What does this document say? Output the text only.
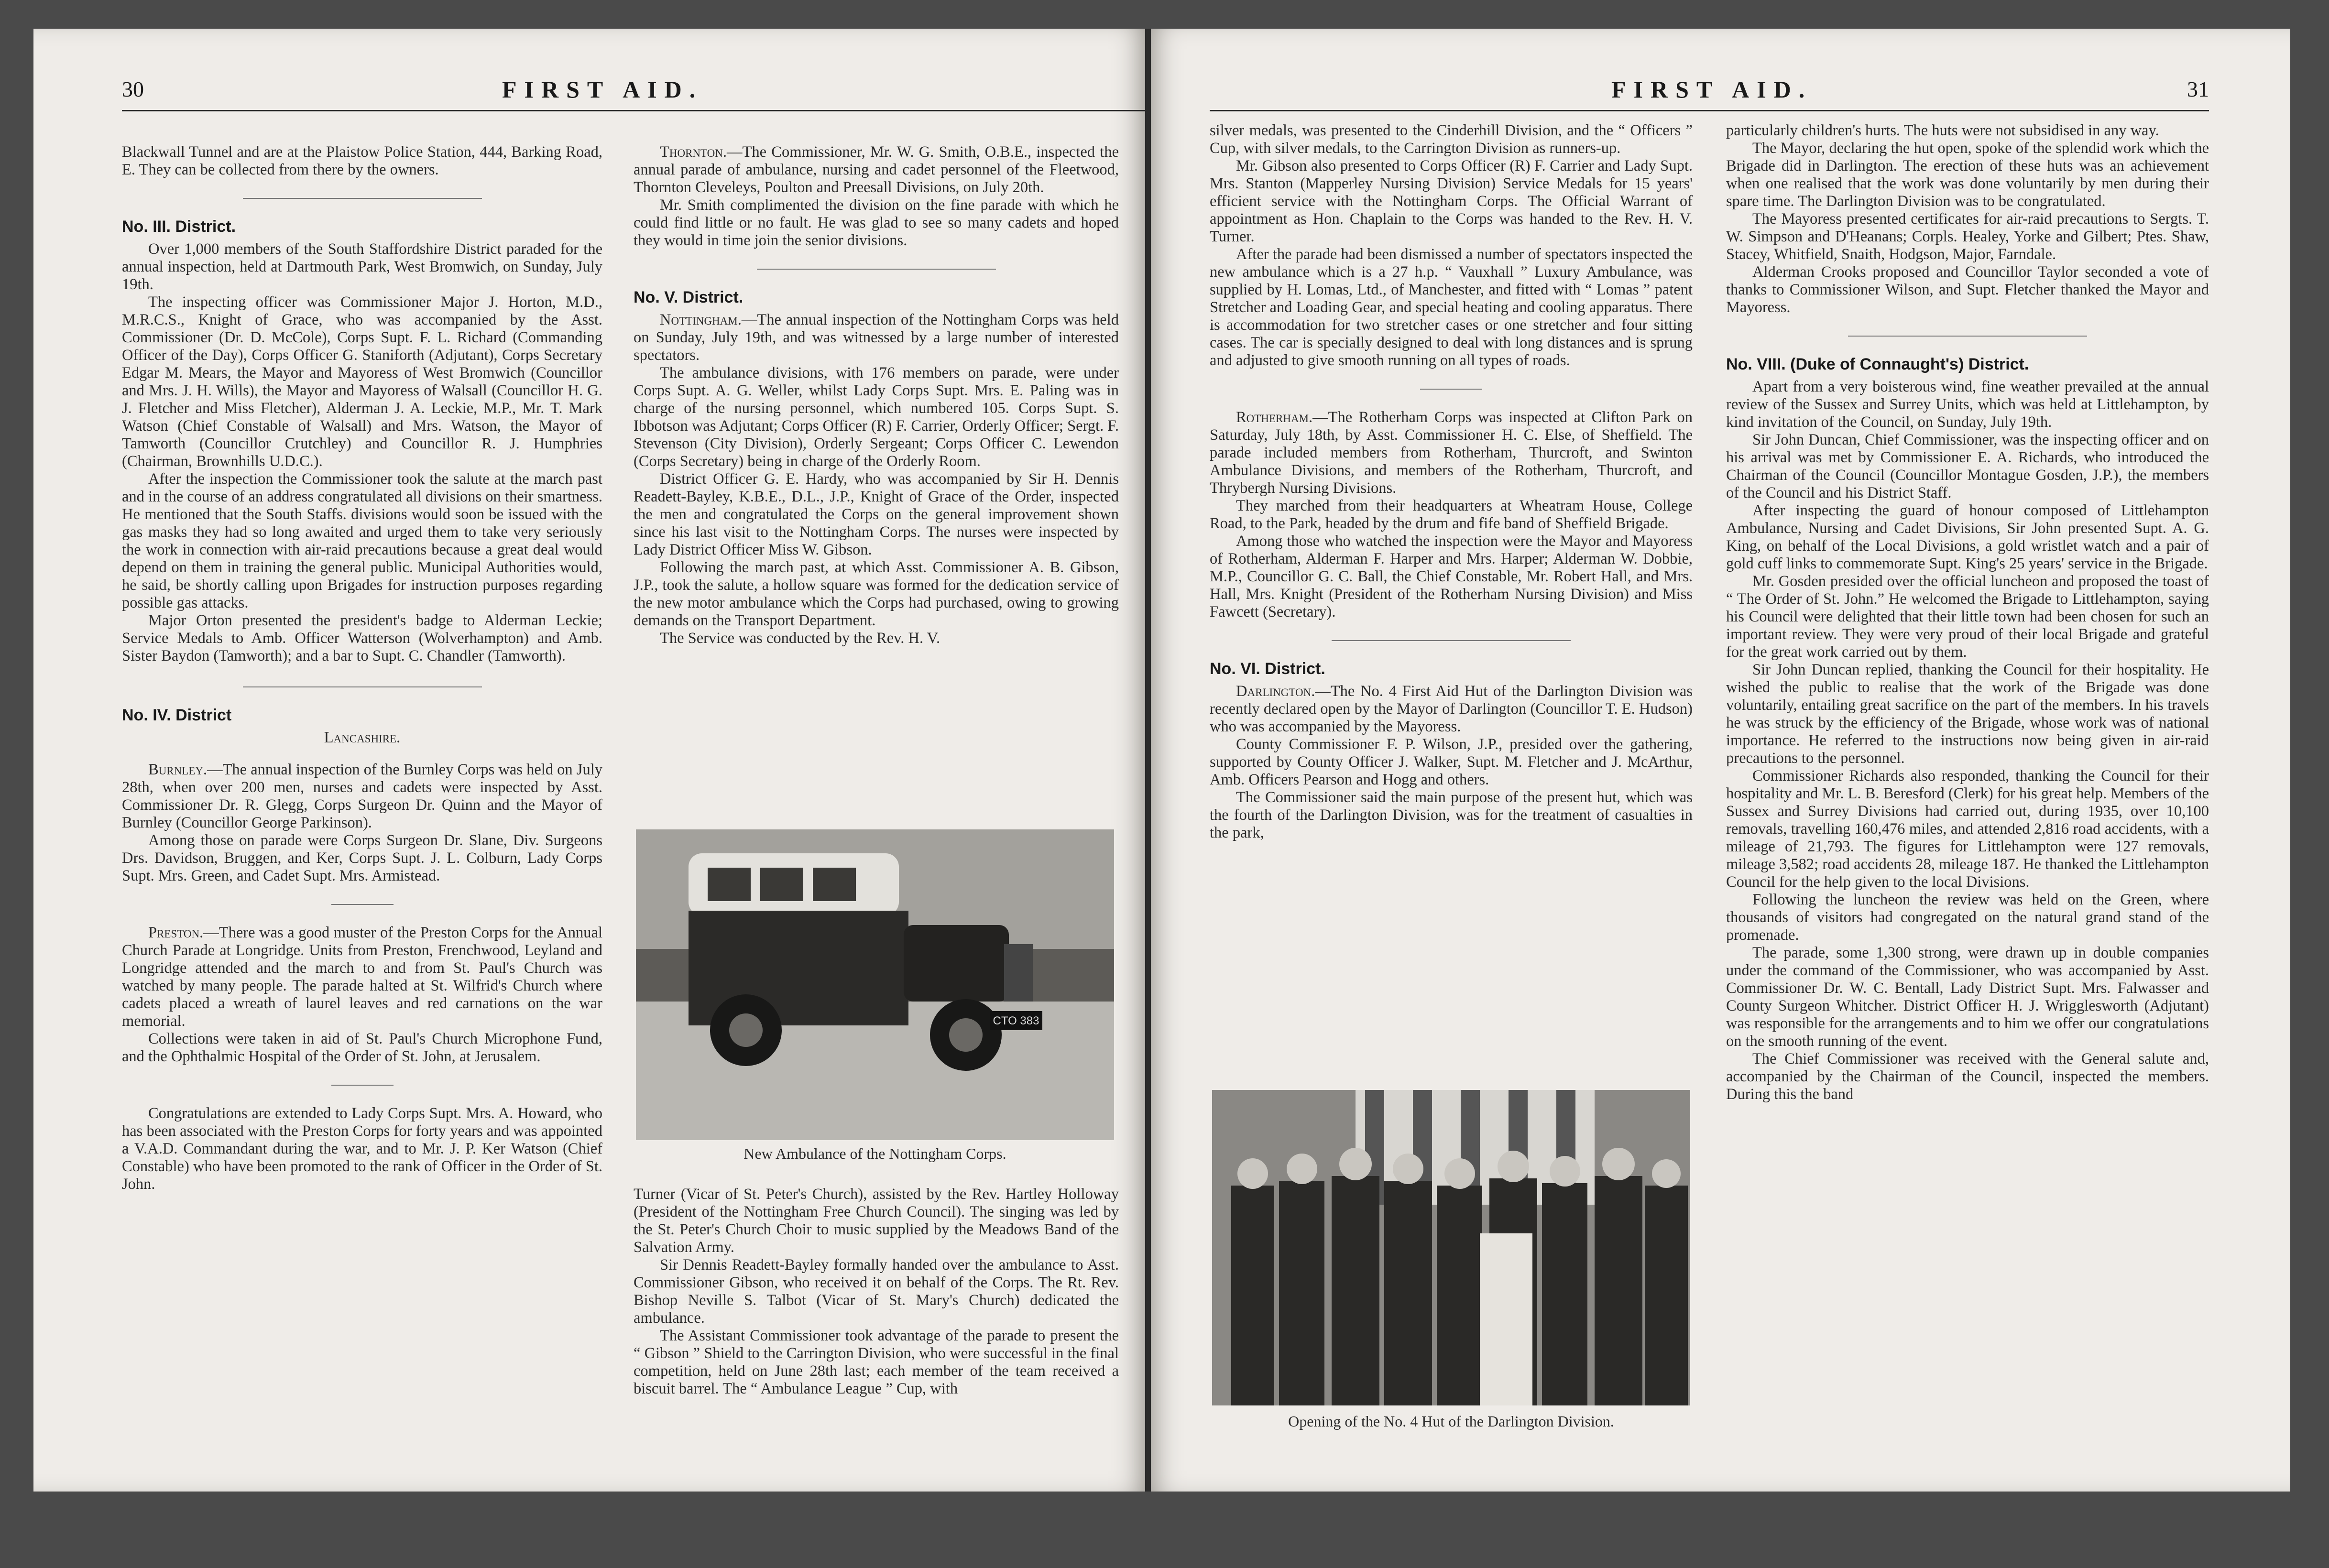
30	FIRST AID.	FIRST AID.	31

Blackwall Tunnel and are at the Plaistow Police Station, 444, Barking Road, E. They can be collected from there by the owners.

No. III. District.

Over 1,000 members of the South Staffordshire District paraded for the annual inspection, held at Dartmouth Park, West Bromwich, on Sunday, July 19th.

The inspecting officer was Commissioner Major J. Horton, M.D., M.R.C.S., Knight of Grace, who was accompanied by the Asst. Commissioner (Dr. D. McCole), Corps Supt. F. L. Richard (Commanding Officer of the Day), Corps Officer G. Staniforth (Adjutant), Corps Secretary Edgar M. Mears, the Mayor and Mayoress of West Bromwich (Councillor and Mrs. J. H. Wills), the Mayor and Mayoress of Walsall (Councillor H. G. J. Fletcher and Miss Fletcher), Alderman J. A. Leckie, M.P., Mr. T. Mark Watson (Chief Constable of Walsall) and Mrs. Watson, the Mayor of Tamworth (Councillor Crutchley) and Councillor R. J. Humphries (Chairman, Brownhills U.D.C.).

After the inspection the Commissioner took the salute at the march past and in the course of an address congratulated all divisions on their smartness. He mentioned that the South Staffs. divisions would soon be issued with the gas masks they had so long awaited and urged them to take very seriously the work in connection with air-raid precautions because a great deal would depend on them in training the general public. Municipal Authorities would, he said, be shortly calling upon Brigades for instruction purposes regarding possible gas attacks.

Major Orton presented the president's badge to Alderman Leckie; Service Medals to Amb. Officer Watterson (Wolverhampton) and Amb. Sister Baydon (Tamworth); and a bar to Supt. C. Chandler (Tamworth).

No. IV. District

Lancashire.

Burnley.—The annual inspection of the Burnley Corps was held on July 28th, when over 200 men, nurses and cadets were inspected by Asst. Commissioner Dr. R. Glegg, Corps Surgeon Dr. Quinn and the Mayor of Burnley (Councillor George Parkinson).

Among those on parade were Corps Surgeon Dr. Slane, Div. Surgeons Drs. Davidson, Bruggen, and Ker, Corps Supt. J. L. Colburn, Lady Corps Supt. Mrs. Green, and Cadet Supt. Mrs. Armistead.

Preston.—There was a good muster of the Preston Corps for the Annual Church Parade at Longridge. Units from Preston, Frenchwood, Leyland and Longridge attended and the march to and from St. Paul's Church was watched by many people. The parade halted at St. Wilfrid's Church where cadets placed a wreath of laurel leaves and red carnations on the war memorial.

Collections were taken in aid of St. Paul's Church Microphone Fund, and the Ophthalmic Hospital of the Order of St. John, at Jerusalem.

Congratulations are extended to Lady Corps Supt. Mrs. A. Howard, who has been associated with the Preston Corps for forty years and was appointed a V.A.D. Commandant during the war, and to Mr. J. P. Ker Watson (Chief Constable) who have been promoted to the rank of Officer in the Order of St. John.

Thornton.—The Commissioner, Mr. W. G. Smith, O.B.E., inspected the annual parade of ambulance, nursing and cadet personnel of the Fleetwood, Thornton Cleveleys, Poulton and Preesall Divisions, on July 20th.

Mr. Smith complimented the division on the fine parade with which he could find little or no fault. He was glad to see so many cadets and hoped they would in time join the senior divisions.

No. V. District.

Nottingham.—The annual inspection of the Nottingham Corps was held on Sunday, July 19th, and was witnessed by a large number of interested spectators.

The ambulance divisions, with 176 members on parade, were under Corps Supt. A. G. Weller, whilst Lady Corps Supt. Mrs. E. Paling was in charge of the nursing personnel, which numbered 105. Corps Supt. S. Ibbotson was Adjutant; Corps Officer (R) F. Carrier, Orderly Officer; Sergt. F. Stevenson (City Division), Orderly Sergeant; Corps Officer C. Lewendon (Corps Secretary) being in charge of the Orderly Room.

District Officer G. E. Hardy, who was accompanied by Sir H. Dennis Readett-Bayley, K.B.E., D.L., J.P., Knight of Grace of the Order, inspected the men and congratulated the Corps on the general improvement shown since his last visit to the Nottingham Corps. The nurses were inspected by Lady District Officer Miss W. Gibson.

Following the march past, at which Asst. Commissioner A. B. Gibson, J.P., took the salute, a hollow square was formed for the dedication service of the new motor ambulance which the Corps had purchased, owing to growing demands on the Transport Department.

The Service was conducted by the Rev. H. V.

CTO 383
New Ambulance of the Nottingham Corps.

Turner (Vicar of St. Peter's Church), assisted by the Rev. Hartley Holloway (President of the Nottingham Free Church Council). The singing was led by the St. Peter's Church Choir to music supplied by the Meadows Band of the Salvation Army.

Sir Dennis Readett-Bayley formally handed over the ambulance to Asst. Commissioner Gibson, who received it on behalf of the Corps. The Rt. Rev. Bishop Neville S. Talbot (Vicar of St. Mary's Church) dedicated the ambulance.

The Assistant Commissioner took advantage of the parade to present the “ Gibson ” Shield to the Carrington Division, who were successful in the final competition, held on June 28th last; each member of the team received a biscuit barrel. The “ Ambulance League ” Cup, with

silver medals, was presented to the Cinderhill Division, and the “ Officers ” Cup, with silver medals, to the Carrington Division as runners-up.

Mr. Gibson also presented to Corps Officer (R) F. Carrier and Lady Supt. Mrs. Stanton (Mapperley Nursing Division) Service Medals for 15 years' efficient service with the Nottingham Corps. The Official Warrant of appointment as Hon. Chaplain to the Corps was handed to the Rev. H. V. Turner.

After the parade had been dismissed a number of spectators inspected the new ambulance which is a 27 h.p. “ Vauxhall ” Luxury Ambulance, was supplied by H. Lomas, Ltd., of Manchester, and fitted with “ Lomas ” patent Stretcher and Loading Gear, and special heating and cooling apparatus. There is accommodation for two stretcher cases or one stretcher and four sitting cases. The car is specially designed to deal with long distances and is sprung and adjusted to give smooth running on all types of roads.

Rotherham.—The Rotherham Corps was inspected at Clifton Park on Saturday, July 18th, by Asst. Commissioner H. C. Else, of Sheffield. The parade included members from Rotherham, Thurcroft, and Swinton Ambulance Divisions, and members of the Rotherham, Thurcroft, and Thrybergh Nursing Divisions.

They marched from their headquarters at Wheatram House, College Road, to the Park, headed by the drum and fife band of Sheffield Brigade.

Among those who watched the inspection were the Mayor and Mayoress of Rotherham, Alderman F. Harper and Mrs. Harper; Alderman W. Dobbie, M.P., Councillor G. C. Ball, the Chief Constable, Mr. Robert Hall, and Mrs. Hall, Mrs. Knight (President of the Rotherham Nursing Division) and Miss Fawcett (Secretary).

No. VI. District.

Darlington.—The No. 4 First Aid Hut of the Darlington Division was recently declared open by the Mayor of Darlington (Councillor T. E. Hudson) who was accompanied by the Mayoress.

County Commissioner F. P. Wilson, J.P., presided over the gathering, supported by County Officer J. Walker, Supt. M. Fletcher and J. McArthur, Amb. Officers Pearson and Hogg and others.

The Commissioner said the main purpose of the present hut, which was the fourth of the Darlington Division, was for the treatment of casualties in the park,

Opening of the No. 4 Hut of the Darlington Division.

particularly children's hurts. The huts were not subsidised in any way.

The Mayor, declaring the hut open, spoke of the splendid work which the Brigade did in Darlington. The erection of these huts was an achievement when one realised that the work was done voluntarily by men during their spare time. The Darlington Division was to be congratulated.

The Mayoress presented certificates for air-raid precautions to Sergts. T. W. Simpson and D'Heanans; Corpls. Healey, Yorke and Gilbert; Ptes. Shaw, Stacey, Whitfield, Snaith, Hodgson, Major, Farndale.

Alderman Crooks proposed and Councillor Taylor seconded a vote of thanks to Commissioner Wilson, and Supt. Fletcher thanked the Mayor and Mayoress.

No. VIII. (Duke of Connaught's) District.

Apart from a very boisterous wind, fine weather prevailed at the annual review of the Sussex and Surrey Units, which was held at Littlehampton, by kind invitation of the Council, on Sunday, July 19th.

Sir John Duncan, Chief Commissioner, was the inspecting officer and on his arrival was met by Commissioner E. A. Richards, who introduced the Chairman of the Council (Councillor Montague Gosden, J.P.), the members of the Council and his District Staff.

After inspecting the guard of honour composed of Littlehampton Ambulance, Nursing and Cadet Divisions, Sir John presented Supt. A. G. King, on behalf of the Local Divisions, a gold wristlet watch and a pair of gold cuff links to commemorate Supt. King's 25 years' service in the Brigade.

Mr. Gosden presided over the official luncheon and proposed the toast of “ The Order of St. John.” He welcomed the Brigade to Littlehampton, saying his Council were delighted that their little town had been chosen for such an important review. They were very proud of their local Brigade and grateful for the great work carried out by them.

Sir John Duncan replied, thanking the Council for their hospitality. He wished the public to realise that the work of the Brigade was done voluntarily, entailing great sacrifice on the part of the members. In his travels he was struck by the efficiency of the Brigade, whose work was of national importance. He referred to the instructions now being given in air-raid precautions to the personnel.

Commissioner Richards also responded, thanking the Council for their hospitality and Mr. L. B. Beresford (Clerk) for his great help. Members of the Sussex and Surrey Divisions had carried out, during 1935, over 10,100 removals, travelling 160,476 miles, and attended 2,816 road accidents, with a mileage of 21,793. The figures for Littlehampton were 127 removals, mileage 3,582; road accidents 28, mileage 187. He thanked the Littlehampton Council for the help given to the local Divisions.

Following the luncheon the review was held on the Green, where thousands of visitors had congregated on the natural grand stand of the promenade.

The parade, some 1,300 strong, were drawn up in double companies under the command of the Commissioner, who was accompanied by Asst. Commissioner Dr. W. C. Bentall, Lady District Supt. Mrs. Falwasser and County Surgeon Whitcher. District Officer H. J. Wrigglesworth (Adjutant) was responsible for the arrangements and to him we offer our congratulations on the smooth running of the event.

The Chief Commissioner was received with the General salute and, accompanied by the Chairman of the Council, inspected the members. During this the band
